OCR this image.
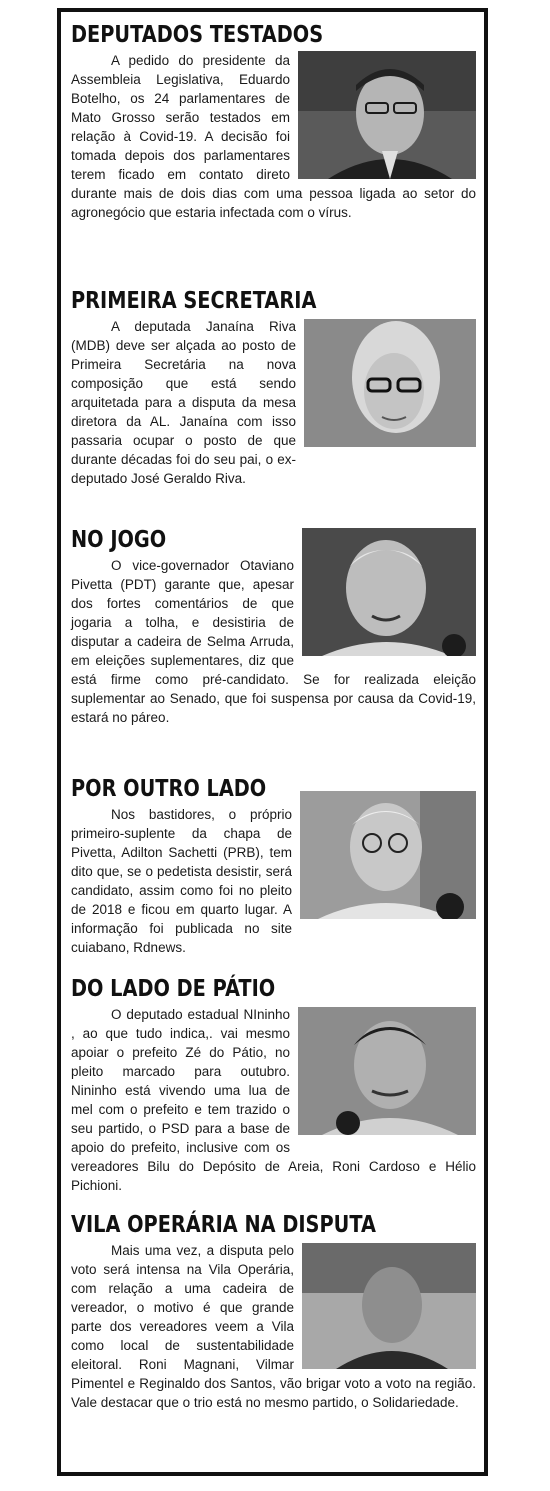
DEPUTADOS TESTADOS

A pedido do presidente da Assembleia Legislativa, Eduardo Botelho, os 24 parlamentares de Mato Grosso serão testados em relação à Covid-19. A decisão foi tomada depois dos parlamentares terem ficado em contato direto durante mais de dois dias com uma pessoa ligada ao setor do agronegócio que estaria infectada com o vírus.

PRIMEIRA SECRETARIA

A deputada Janaína Riva (MDB) deve ser alçada ao posto de Primeira Secretária na nova composição que está sendo arquitetada para a disputa da mesa diretora da AL. Janaína com isso passaria ocupar o posto de que durante décadas foi do seu pai, o ex-deputado José Geraldo Riva.

NO JOGO

O vice-governador Otaviano Pivetta (PDT) garante que, apesar dos fortes comentários de que jogaria a tolha, e desistiria de disputar a cadeira de Selma Arruda, em eleições suplementares, diz que está firme como pré-candidato. Se for realizada eleição suplementar ao Senado, que foi suspensa por causa da Covid-19, estará no páreo.

POR OUTRO LADO

Nos bastidores, o próprio primeiro-suplente da chapa de Pivetta, Adilton Sachetti (PRB), tem dito que, se o pedetista desistir, será candidato, assim como foi no pleito de 2018 e ficou em quarto lugar. A informação foi publicada no site cuiabano, Rdnews.

DO LADO DE PÁTIO

O deputado estadual NIninho , ao que tudo indica,. vai mesmo apoiar o prefeito Zé do Pátio, no pleito marcado para outubro. Nininho está vivendo uma lua de mel com o prefeito e tem trazido o seu partido, o PSD para a base de apoio do prefeito, inclusive com os vereadores Bilu do Depósito de Areia, Roni Cardoso e Hélio Pichioni.

VILA OPERÁRIA NA DISPUTA

Mais uma vez, a disputa pelo voto será intensa na Vila Operária, com relação a uma cadeira de vereador, o motivo é que grande parte dos vereadores veem a Vila como local de sustentabilidade eleitoral. Roni Magnani, Vilmar Pimentel e Reginaldo dos Santos, vão brigar voto a voto na região. Vale destacar que o trio está no mesmo partido, o Solidariedade.
